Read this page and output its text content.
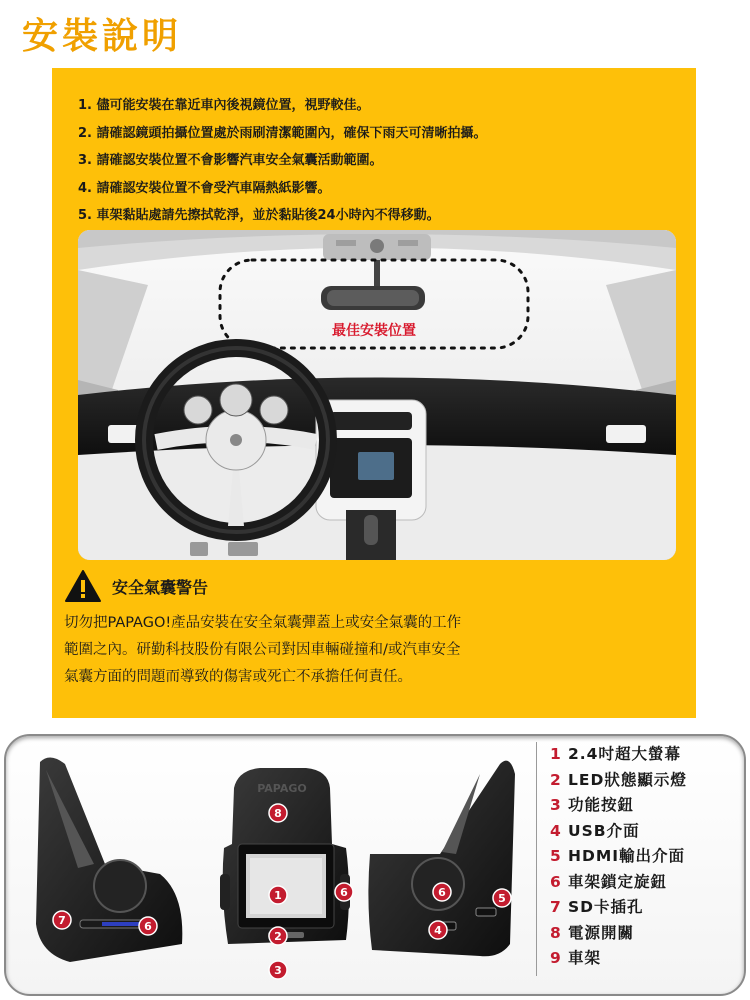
安裝說明
1. 儘可能安裝在靠近車內後視鏡位置，視野較佳。
2. 請確認鏡頭拍攝位置處於雨刷清潔範圍內，確保下雨天可清晰拍攝。
3. 請確認安裝位置不會影響汽車安全氣囊活動範圍。
4. 請確認安裝位置不會受汽車隔熱紙影響。
5. 車架黏貼處請先擦拭乾淨，並於黏貼後24小時內不得移動。
最佳安裝位置
安全氣囊警告
切勿把PAPAGO!產品安裝在安全氣囊彈蓋上或安全氣囊的工作
範圍之內。研勤科技股份有限公司對因車輛碰撞和/或汽車安全
氣囊方面的問題而導致的傷害或死亡不承擔任何責任。
PAPAGO
8
1	6
2
3
7	6
6	5
4
1 2.4吋超大螢幕
2 LED狀態顯示燈
3 功能按鈕
4 USB介面
5 HDMI輸出介面
6 車架鎖定旋鈕
7 SD卡插孔
8 電源開關
9 車架
